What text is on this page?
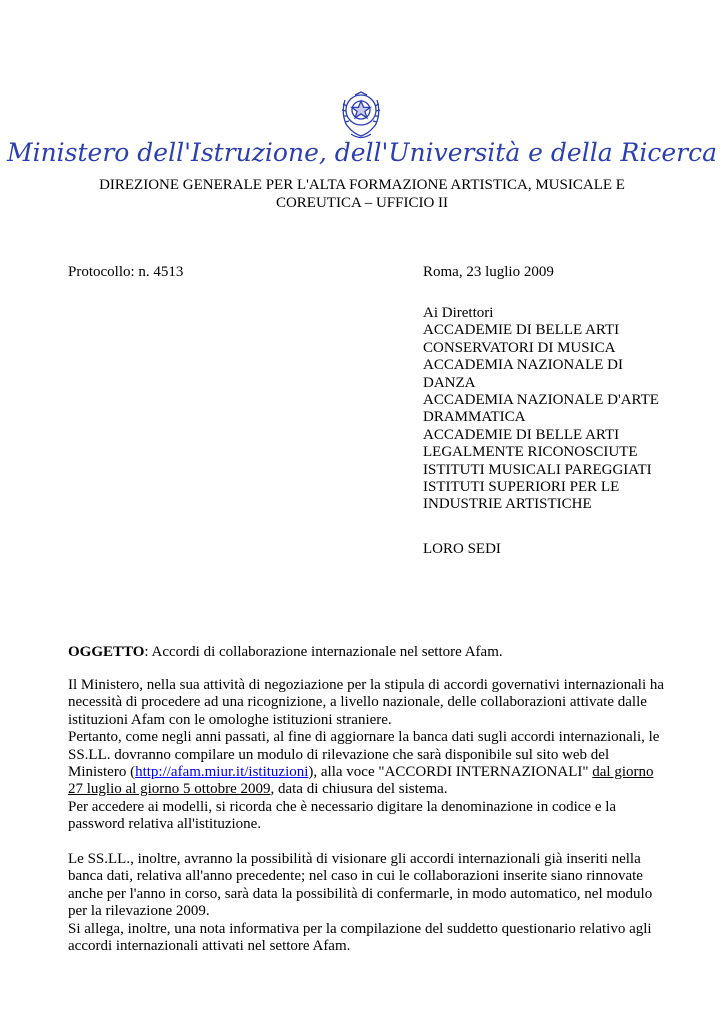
Ministero dell'Istruzione, dell'Università e della Ricerca
DIREZIONE GENERALE PER L'ALTA FORMAZIONE ARTISTICA, MUSICALE E
COREUTICA – UFFICIO II
Protocollo: n. 4513	Roma, 23 luglio 2009
Ai Direttori
ACCADEMIE DI BELLE ARTI
CONSERVATORI DI MUSICA
ACCADEMIA NAZIONALE DI
DANZA
ACCADEMIA NAZIONALE D'ARTE
DRAMMATICA
ACCADEMIE DI BELLE ARTI
LEGALMENTE RICONOSCIUTE
ISTITUTI MUSICALI PAREGGIATI
ISTITUTI SUPERIORI PER LE
INDUSTRIE ARTISTICHE
LORO SEDI
OGGETTO: Accordi di collaborazione internazionale nel settore Afam.

Il Ministero, nella sua attività di negoziazione per la stipula di accordi governativi internazionali ha

necessità di procedere ad una ricognizione, a livello nazionale, delle collaborazioni attivate dalle

istituzioni Afam con le omologhe istituzioni straniere.

Pertanto, come negli anni passati, al fine di aggiornare la banca dati sugli accordi internazionali, le

SS.LL. dovranno compilare un modulo di rilevazione che sarà disponibile sul sito web del

Ministero (http://afam.miur.it/istituzioni), alla voce "ACCORDI INTERNAZIONALI" dal giorno

27 luglio al giorno 5 ottobre 2009, data di chiusura del sistema.

Per accedere ai modelli, si ricorda che è necessario digitare la denominazione in codice e la

password relativa all'istituzione.

Le SS.LL., inoltre, avranno la possibilità di visionare gli accordi internazionali già inseriti nella

banca dati, relativa all'anno precedente; nel caso in cui le collaborazioni inserite siano rinnovate

anche per l'anno in corso, sarà data la possibilità di confermarle, in modo automatico, nel modulo

per la rilevazione 2009.

Si allega, inoltre, una nota informativa per la compilazione del suddetto questionario relativo agli

accordi internazionali attivati nel settore Afam.
